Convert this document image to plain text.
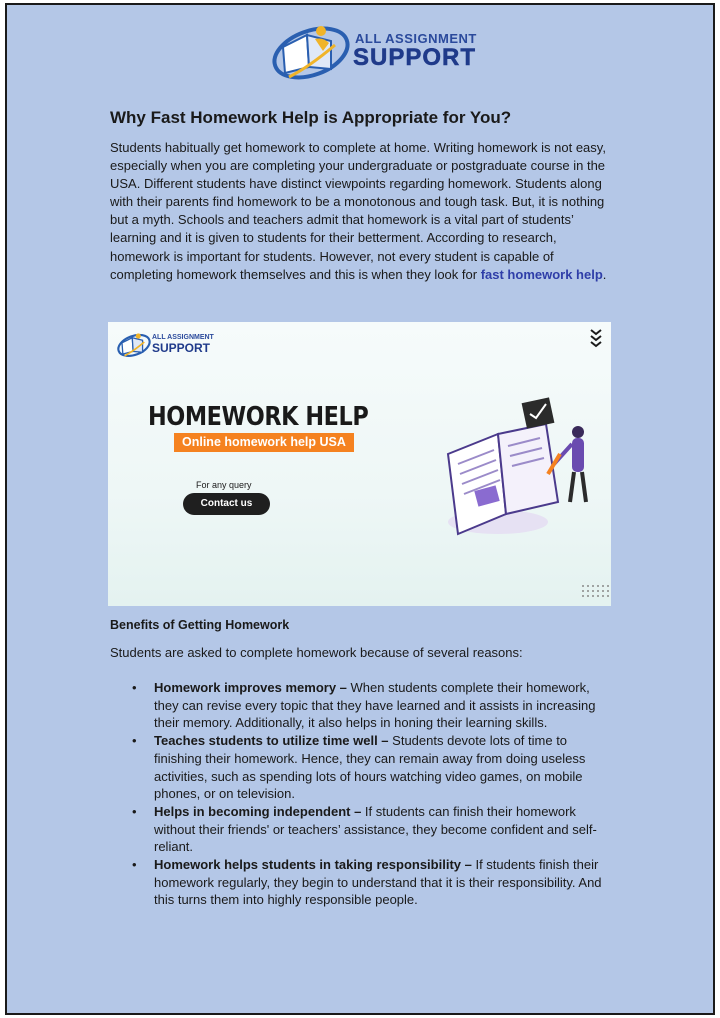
ALL ASSIGNMENT
SUPPORT
Why Fast Homework Help is Appropriate for You?

Students habitually get homework to complete at home. Writing homework is not easy, especially when you are completing your undergraduate or postgraduate course in the USA. Different students have distinct viewpoints regarding homework. Students along with their parents find homework to be a monotonous and tough task. But, it is nothing but a myth. Schools and teachers admit that homework is a vital part of students’ learning and it is given to students for their betterment. According to research, homework is important for students. However, not every student is capable of completing homework themselves and this is when they look for fast homework help.

ALL ASSIGNMENT
SUPPORT
HOMEWORK HELP
Online homework help USA
For any query
Contact us
Benefits of Getting Homework

Students are asked to complete homework because of several reasons:

• Homework improves memory – When students complete their homework, they can revise every topic that they have learned and it assists in increasing their memory. Additionally, it also helps in honing their learning skills.
• Teaches students to utilize time well – Students devote lots of time to finishing their homework. Hence, they can remain away from doing useless activities, such as spending lots of hours watching video games, on mobile phones, or on television.
• Helps in becoming independent – If students can finish their homework without their friends' or teachers’ assistance, they become confident and self-reliant.
• Homework helps students in taking responsibility – If students finish their homework regularly, they begin to understand that it is their responsibility. And this turns them into highly responsible people.
